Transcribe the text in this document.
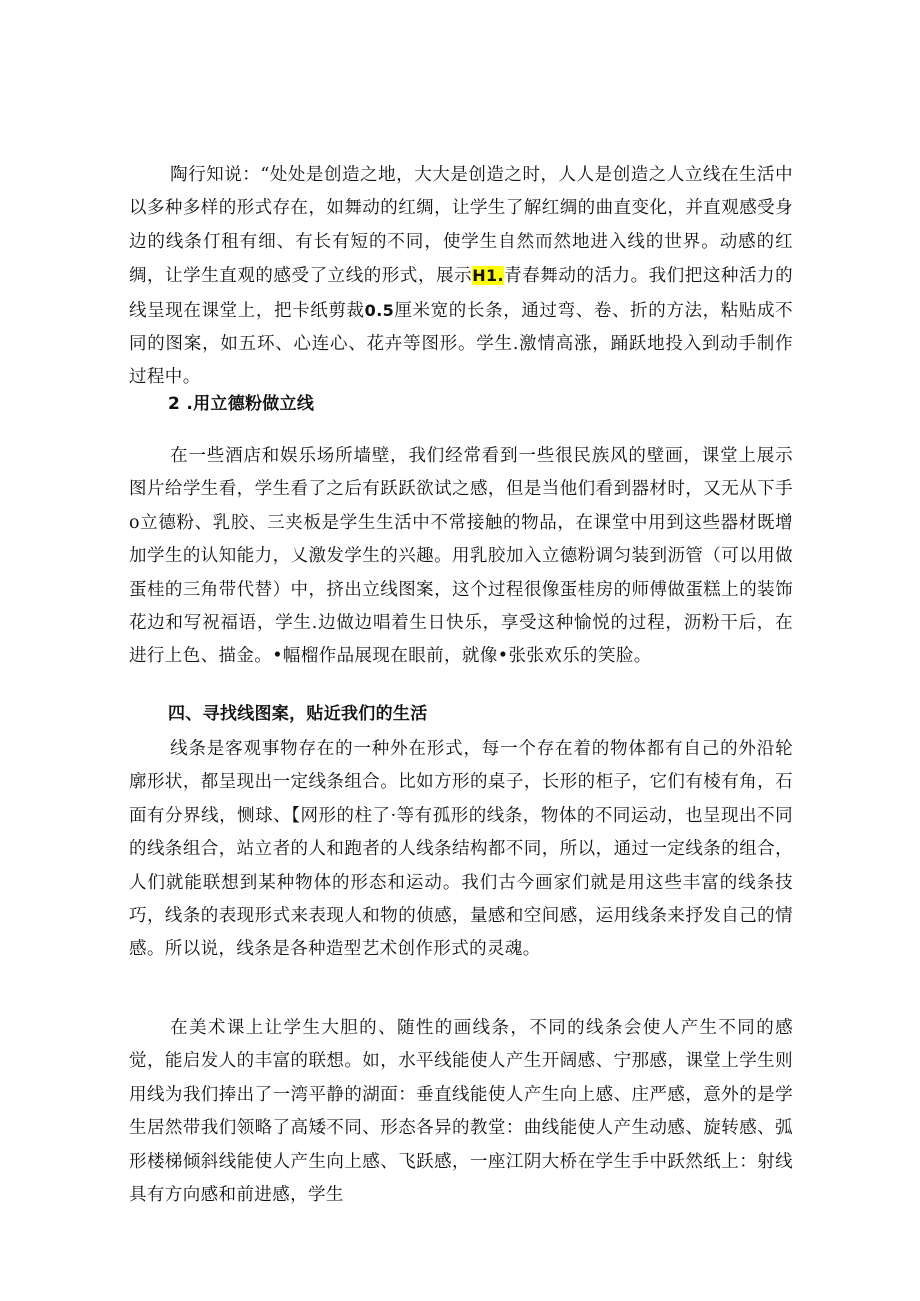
陶行知说：“处处是创造之地，大大是创造之时，人人是创造之人立线在生活中以多种多样的形式存在，如舞动的红绸，让学生了解红绸的曲直变化，并直观感受身边的线条仃租有细、有长有短的不同，使学生自然而然地进入线的世界。动感的红绸，让学生直观的感受了立线的形式，展示H1.青春舞动的活力。我们把这种活力的线呈现在课堂上，把卡纸剪裁0.5厘米宽的长条，通过弯、卷、折的方法，粘贴成不同的图案，如五环、心连心、花卉等图形。学生.激情高涨，踊跃地投入到动手制作过程中。

2 .用立德粉做立线

在一些酒店和娱乐场所墙壁，我们经常看到一些很民族风的壁画，课堂上展示图片给学生看，学生看了之后有跃跃欲试之感，但是当他们看到器材时，又无从下手o立德粉、乳胶、三夹板是学生生活中不常接触的物品，在课堂中用到这些器材既增加学生的认知能力，乂激发学生的兴趣。用乳胶加入立德粉调匀装到沥管（可以用做蛋桂的三角带代替）中，挤出立线图案，这个过程很像蛋桂房的师傅做蛋糕上的装饰花边和写祝福语，学生.边做边唱着生日快乐，享受这种愉悦的过程，沥粉干后，在进行上色、描金。•幅榴作品展现在眼前，就像•张张欢乐的笑脸。

四、寻找线图案，贴近我们的生活

线条是客观事物存在的一种外在形式，每一个存在着的物体都有自己的外沿轮廓形状，都呈现出一定线条组合。比如方形的桌子，长形的柜子，它们有棱有角，石面有分界线，恻球、【网形的柱了·等有孤形的线条，物体的不同运动，也呈现出不同的线条组合，站立者的人和跑者的人线条结构都不同，所以，通过一定线条的组合，人们就能联想到某种物体的形态和运动。我们古今画家们就是用这些丰富的线条技巧，线条的表现形式来表现人和物的侦感，量感和空间感，运用线条来抒发自己的情感。所以说，线条是各种造型艺术创作形式的灵魂。

在美术课上让学生大胆的、随性的画线条，不同的线条会使人产生不同的感觉，能启发人的丰富的联想。如，水平线能使人产生开阔感、宁那感，课堂上学生则用线为我们捧出了一湾平静的湖面：垂直线能使人产生向上感、庄严感，意外的是学生居然带我们领略了高矮不同、形态各异的教堂：曲线能使人产生动感、旋转感、弧形楼梯倾斜线能使人产生向上感、飞跃感，一座江阴大桥在学生手中跃然纸上：射线具有方向感和前进感，学生
